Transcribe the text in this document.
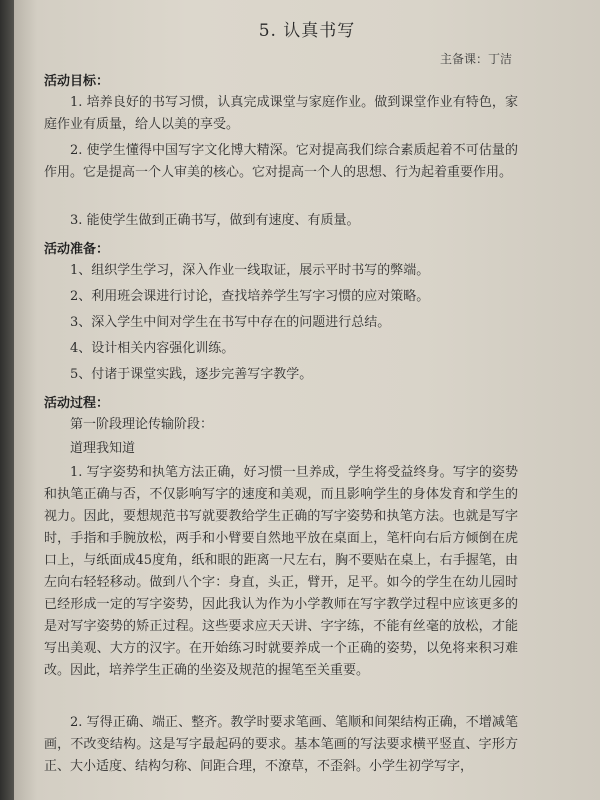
5. 认真书写
主备课：丁洁
活动目标：
1. 培养良好的书写习惯，认真完成课堂与家庭作业。做到课堂作业有特色，家庭作业有质量，给人以美的享受。
2. 使学生懂得中国写字文化博大精深。它对提高我们综合素质起着不可估量的作用。它是提高一个人审美的核心。它对提高一个人的思想、行为起着重要作用。
3. 能使学生做到正确书写，做到有速度、有质量。
活动准备：
1、组织学生学习，深入作业一线取证，展示平时书写的弊端。
2、利用班会课进行讨论，查找培养学生写字习惯的应对策略。
3、深入学生中间对学生在书写中存在的问题进行总结。
4、设计相关内容强化训练。
5、付诸于课堂实践，逐步完善写字教学。
活动过程：
第一阶段理论传输阶段：
道理我知道
1. 写字姿势和执笔方法正确，好习惯一旦养成，学生将受益终身。写字的姿势和执笔正确与否，不仅影响写字的速度和美观，而且影响学生的身体发育和学生的视力。因此，要想规范书写就要教给学生正确的写字姿势和执笔方法。也就是写字时，手指和手腕放松，两手和小臂要自然地平放在桌面上，笔杆向右后方倾倒在虎口上，与纸面成45度角，纸和眼的距离一尺左右，胸不要贴在桌上，右手握笔，由左向右轻轻移动。做到八个字：身直，头正，臂开，足平。如今的学生在幼儿园时已经形成一定的写字姿势，因此我认为作为小学教师在写字教学过程中应该更多的是对写字姿势的矫正过程。这些要求应天天讲、字字练，不能有丝毫的放松，才能写出美观、大方的汉字。在开始练习时就要养成一个正确的姿势，以免将来积习难改。因此，培养学生正确的坐姿及规范的握笔至关重要。
2. 写得正确、端正、整齐。教学时要求笔画、笔顺和间架结构正确，不增减笔画，不改变结构。这是写字最起码的要求。基本笔画的写法要求横平竖直、字形方正、大小适度、结构匀称、间距合理，不潦草，不歪斜。小学生初学写字，
